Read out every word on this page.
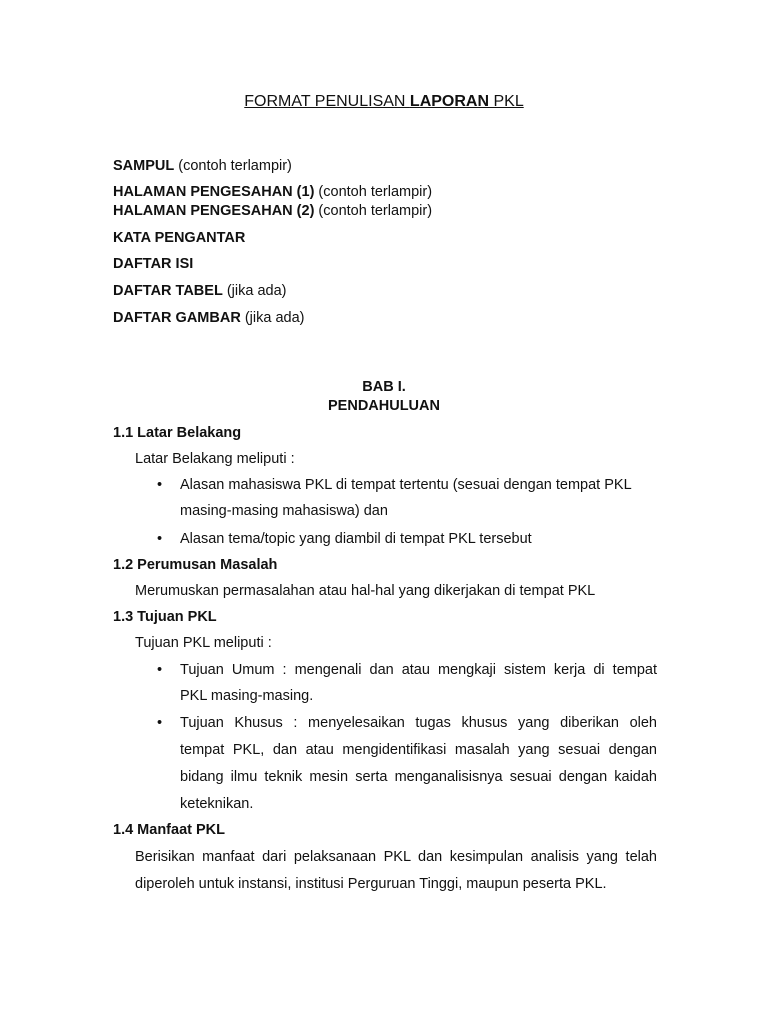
FORMAT PENULISAN LAPORAN PKL
SAMPUL (contoh terlampir)
HALAMAN PENGESAHAN (1) (contoh terlampir)
HALAMAN PENGESAHAN (2) (contoh terlampir)
KATA PENGANTAR
DAFTAR ISI
DAFTAR TABEL (jika ada)
DAFTAR GAMBAR (jika ada)
BAB I.
PENDAHULUAN
1.1 Latar Belakang
Latar Belakang meliputi :
• Alasan mahasiswa PKL di tempat tertentu (sesuai dengan tempat PKL
masing-masing mahasiswa) dan
• Alasan tema/topic yang diambil di tempat PKL tersebut
1.2 Perumusan Masalah
Merumuskan permasalahan atau hal-hal yang dikerjakan di tempat PKL
1.3 Tujuan PKL
Tujuan PKL meliputi :
• Tujuan Umum : mengenali dan atau mengkaji sistem kerja di tempat
PKL masing-masing.
• Tujuan Khusus : menyelesaikan tugas khusus yang diberikan oleh
tempat PKL, dan atau mengidentifikasi masalah yang sesuai dengan
bidang ilmu teknik mesin serta menganalisisnya sesuai dengan kaidah
keteknikan.
1.4 Manfaat PKL
Berisikan manfaat dari pelaksanaan PKL dan kesimpulan analisis yang telah
diperoleh untuk instansi, institusi Perguruan Tinggi, maupun peserta PKL.
